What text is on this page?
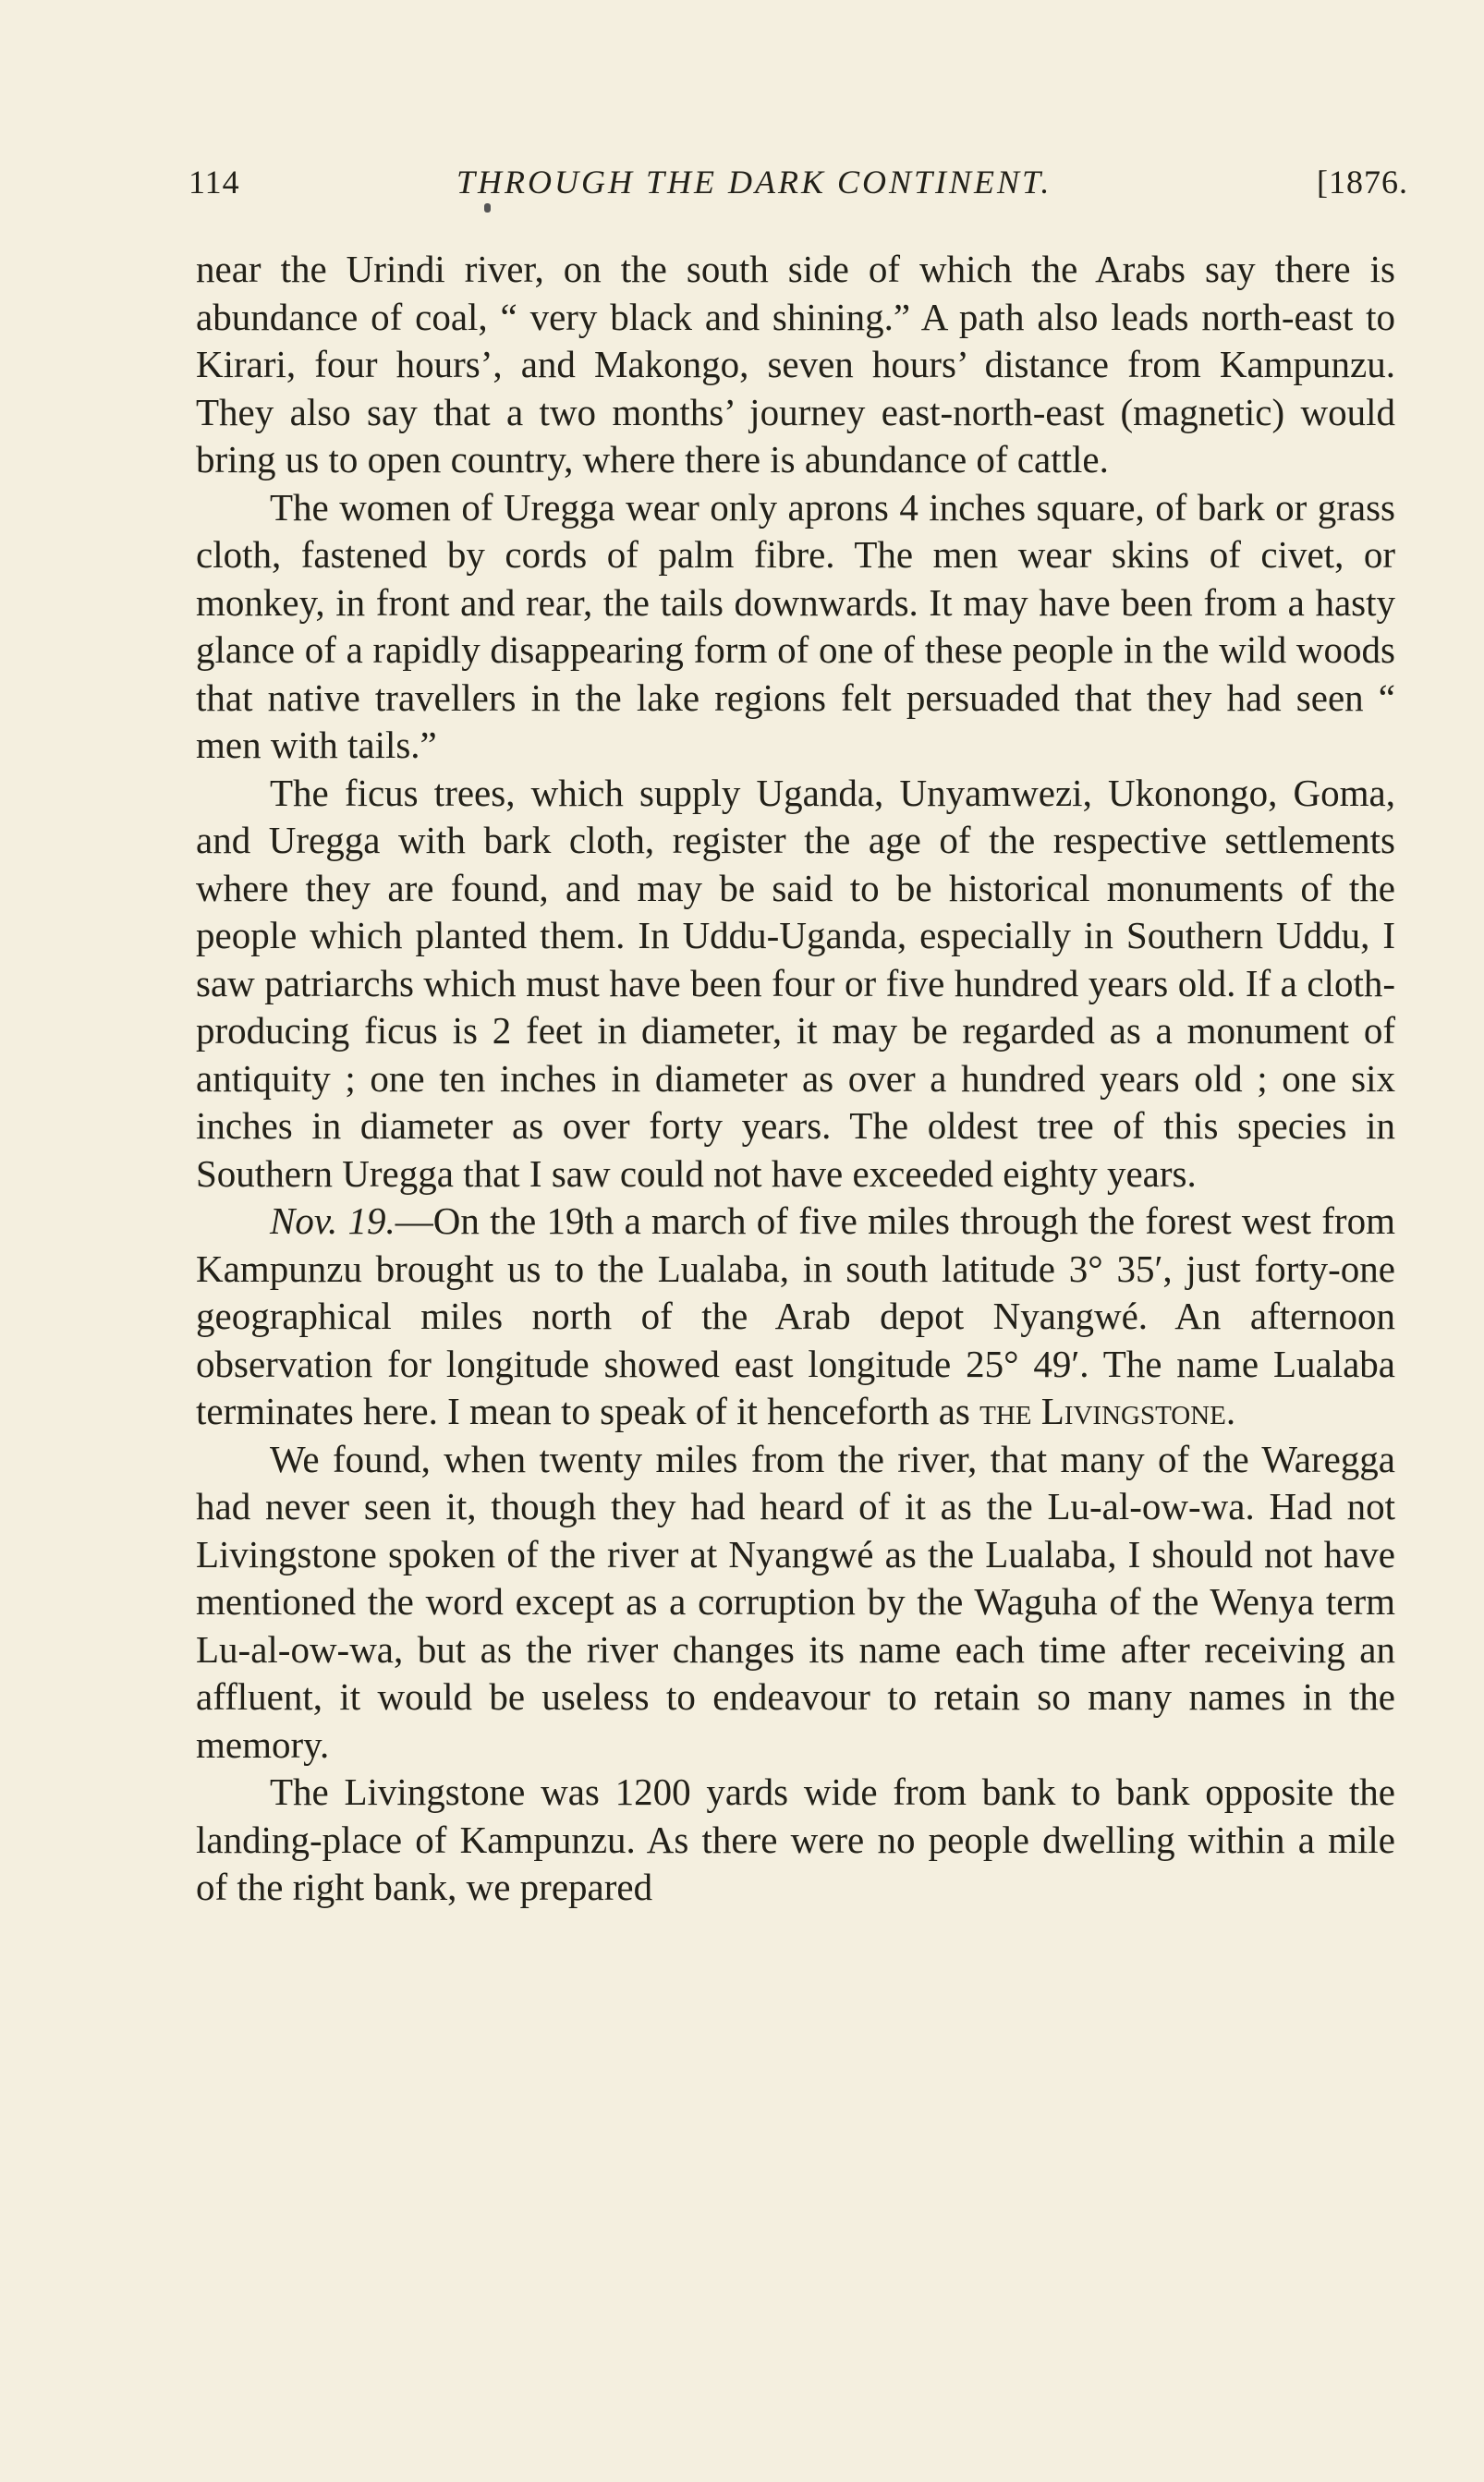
114	THROUGH THE DARK CONTINENT.	[1876.

near the Urindi river, on the south side of which the Arabs say there is abundance of coal, “ very black and shining.” A path also leads north-east to Kirari, four hours’, and Makongo, seven hours’ distance from Kampunzu. They also say that a two months’ journey east-north-east (magnetic) would bring us to open country, where there is abundance of cattle.

The women of Uregga wear only aprons 4 inches square, of bark or grass cloth, fastened by cords of palm fibre. The men wear skins of civet, or monkey, in front and rear, the tails downwards. It may have been from a hasty glance of a rapidly disappearing form of one of these people in the wild woods that native travellers in the lake regions felt persuaded that they had seen “ men with tails.”

The ficus trees, which supply Uganda, Unyamwezi, Ukonongo, Goma, and Uregga with bark cloth, register the age of the respective settlements where they are found, and may be said to be historical monuments of the people which planted them. In Uddu-Uganda, especially in Southern Uddu, I saw patriarchs which must have been four or five hundred years old. If a cloth-producing ficus is 2 feet in diameter, it may be regarded as a monument of antiquity ; one ten inches in diameter as over a hundred years old ; one six inches in diameter as over forty years. The oldest tree of this species in Southern Uregga that I saw could not have exceeded eighty years.

Nov. 19.—On the 19th a march of five miles through the forest west from Kampunzu brought us to the Lualaba, in south latitude 3° 35′, just forty-one geographical miles north of the Arab depot Nyangwé. An afternoon observation for longitude showed east longitude 25° 49′. The name Lualaba terminates here. I mean to speak of it henceforth as the Livingstone.

We found, when twenty miles from the river, that many of the Waregga had never seen it, though they had heard of it as the Lu-al-ow-wa. Had not Livingstone spoken of the river at Nyangwé as the Lualaba, I should not have mentioned the word except as a corruption by the Waguha of the Wenya term Lu-al-ow-wa, but as the river changes its name each time after receiving an affluent, it would be useless to endeavour to retain so many names in the memory.

The Livingstone was 1200 yards wide from bank to bank opposite the landing-place of Kampunzu. As there were no people dwelling within a mile of the right bank, we prepared
